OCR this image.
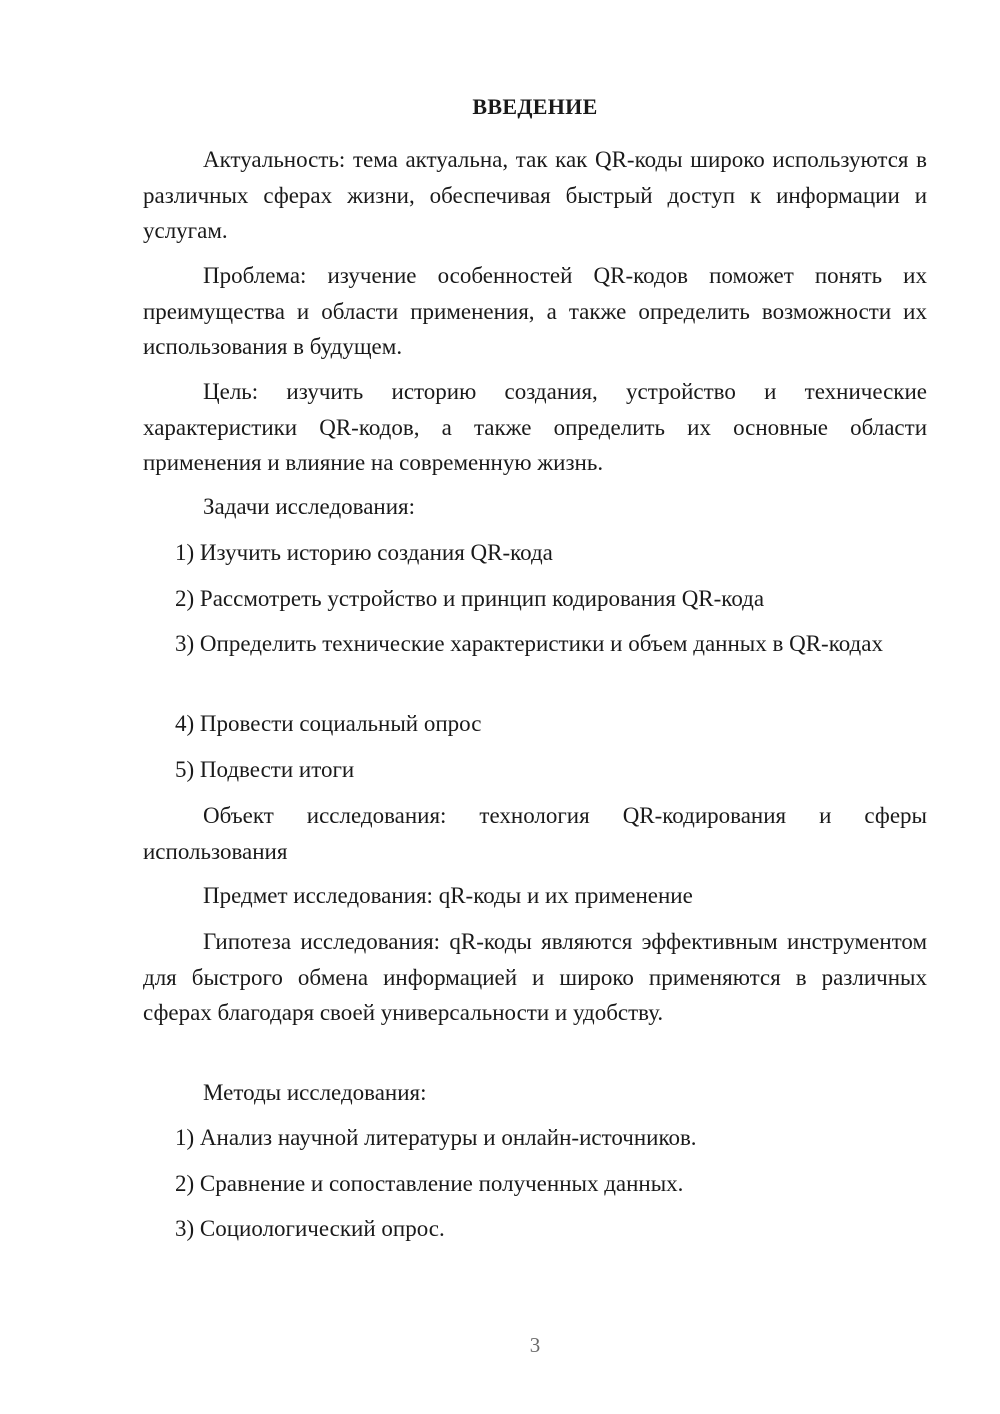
ВВЕДЕНИЕ

Актуальность: тема актуальна, так как QR-коды широко используются в различных сферах жизни, обеспечивая быстрый доступ к информации и услугам.

Проблема: изучение особенностей QR-кодов поможет понять их преимущества и области применения, а также определить возможности их использования в будущем.

Цель: изучить историю создания, устройство и технические характеристики QR-кодов, а также определить их основные области применения и влияние на современную жизнь.

Задачи исследования:

1) Изучить историю создания QR-кода

2) Рассмотреть устройство и принцип кодирования QR-кода

3) Определить технические характеристики и объем данных в QR-кодах

4) Провести социальный опрос

5) Подвести итоги

Объект исследования: технология QR-кодирования и сферы использования

Предмет исследования: qR-коды и их применение

Гипотеза исследования: qR-коды являются эффективным инструментом для быстрого обмена информацией и широко применяются в различных сферах благодаря своей универсальности и удобству.

Методы исследования:

1) Анализ научной литературы и онлайн-источников.

2) Сравнение и сопоставление полученных данных.

3) Социологический опрос.

3
